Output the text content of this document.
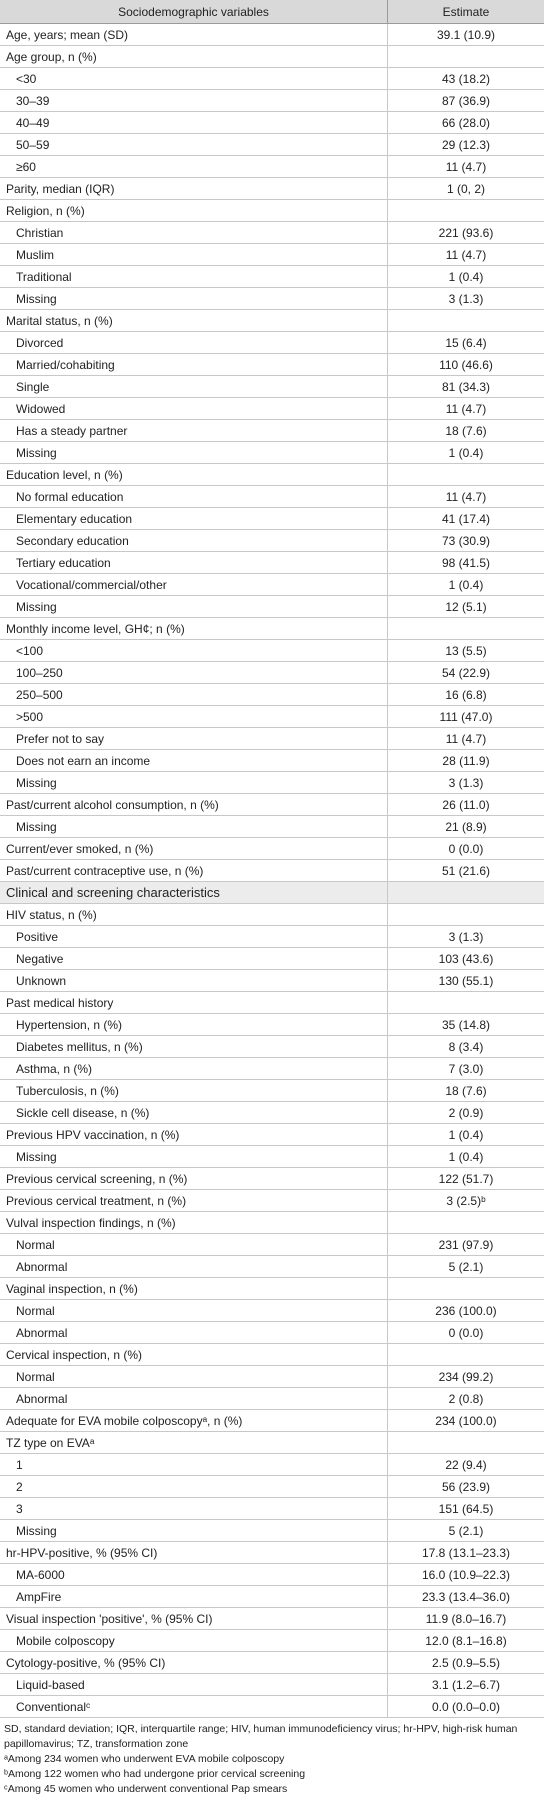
Sociodemographic variables	Estimate
Age, years; mean (SD)	39.1 (10.9)
Age group, n (%)	
<30	43 (18.2)
30–39	87 (36.9)
40–49	66 (28.0)
50–59	29 (12.3)
≥60	11 (4.7)
Parity, median (IQR)	1 (0, 2)
Religion, n (%)	
Christian	221 (93.6)
Muslim	11 (4.7)
Traditional	1 (0.4)
Missing	3 (1.3)
Marital status, n (%)	
Divorced	15 (6.4)
Married/cohabiting	110 (46.6)
Single	81 (34.3)
Widowed	11 (4.7)
Has a steady partner	18 (7.6)
Missing	1 (0.4)
Education level, n (%)	
No formal education	11 (4.7)
Elementary education	41 (17.4)
Secondary education	73 (30.9)
Tertiary education	98 (41.5)
Vocational/commercial/other	1 (0.4)
Missing	12 (5.1)
Monthly income level, GH¢; n (%)	
<100	13 (5.5)
100–250	54 (22.9)
250–500	16 (6.8)
>500	111 (47.0)
Prefer not to say	11 (4.7)
Does not earn an income	28 (11.9)
Missing	3 (1.3)
Past/current alcohol consumption, n (%)	26 (11.0)
Missing	21 (8.9)
Current/ever smoked, n (%)	0 (0.0)
Past/current contraceptive use, n (%)	51 (21.6)
Clinical and screening characteristics	
HIV status, n (%)	
Positive	3 (1.3)
Negative	103 (43.6)
Unknown	130 (55.1)
Past medical history	
Hypertension, n (%)	35 (14.8)
Diabetes mellitus, n (%)	8 (3.4)
Asthma, n (%)	7 (3.0)
Tuberculosis, n (%)	18 (7.6)
Sickle cell disease, n (%)	2 (0.9)
Previous HPV vaccination, n (%)	1 (0.4)
Missing	1 (0.4)
Previous cervical screening, n (%)	122 (51.7)
Previous cervical treatment, n (%)	3 (2.5)ᵇ
Vulval inspection findings, n (%)	
Normal	231 (97.9)
Abnormal	5 (2.1)
Vaginal inspection, n (%)	
Normal	236 (100.0)
Abnormal	0 (0.0)
Cervical inspection, n (%)	
Normal	234 (99.2)
Abnormal	2 (0.8)
Adequate for EVA mobile colposcopyᵃ, n (%)	234 (100.0)
TZ type on EVAᵃ	
1	22 (9.4)
2	56 (23.9)
3	151 (64.5)
Missing	5 (2.1)
hr-HPV-positive, % (95% CI)	17.8 (13.1–23.3)
MA-6000	16.0 (10.9–22.3)
AmpFire	23.3 (13.4–36.0)
Visual inspection 'positive', % (95% CI)	11.9 (8.0–16.7)
Mobile colposcopy	12.0 (8.1–16.8)
Cytology-positive, % (95% CI)	2.5 (0.9–5.5)
Liquid-based	3.1 (1.2–6.7)
Conventionalᶜ	0.0 (0.0–0.0)
SD, standard deviation; IQR, interquartile range; HIV, human immunodeficiency virus; hr-HPV, high-risk human papillomavirus; TZ, transformation zone
ᵃAmong 234 women who underwent EVA mobile colposcopy
ᵇAmong 122 women who had undergone prior cervical screening
ᶜAmong 45 women who underwent conventional Pap smears
